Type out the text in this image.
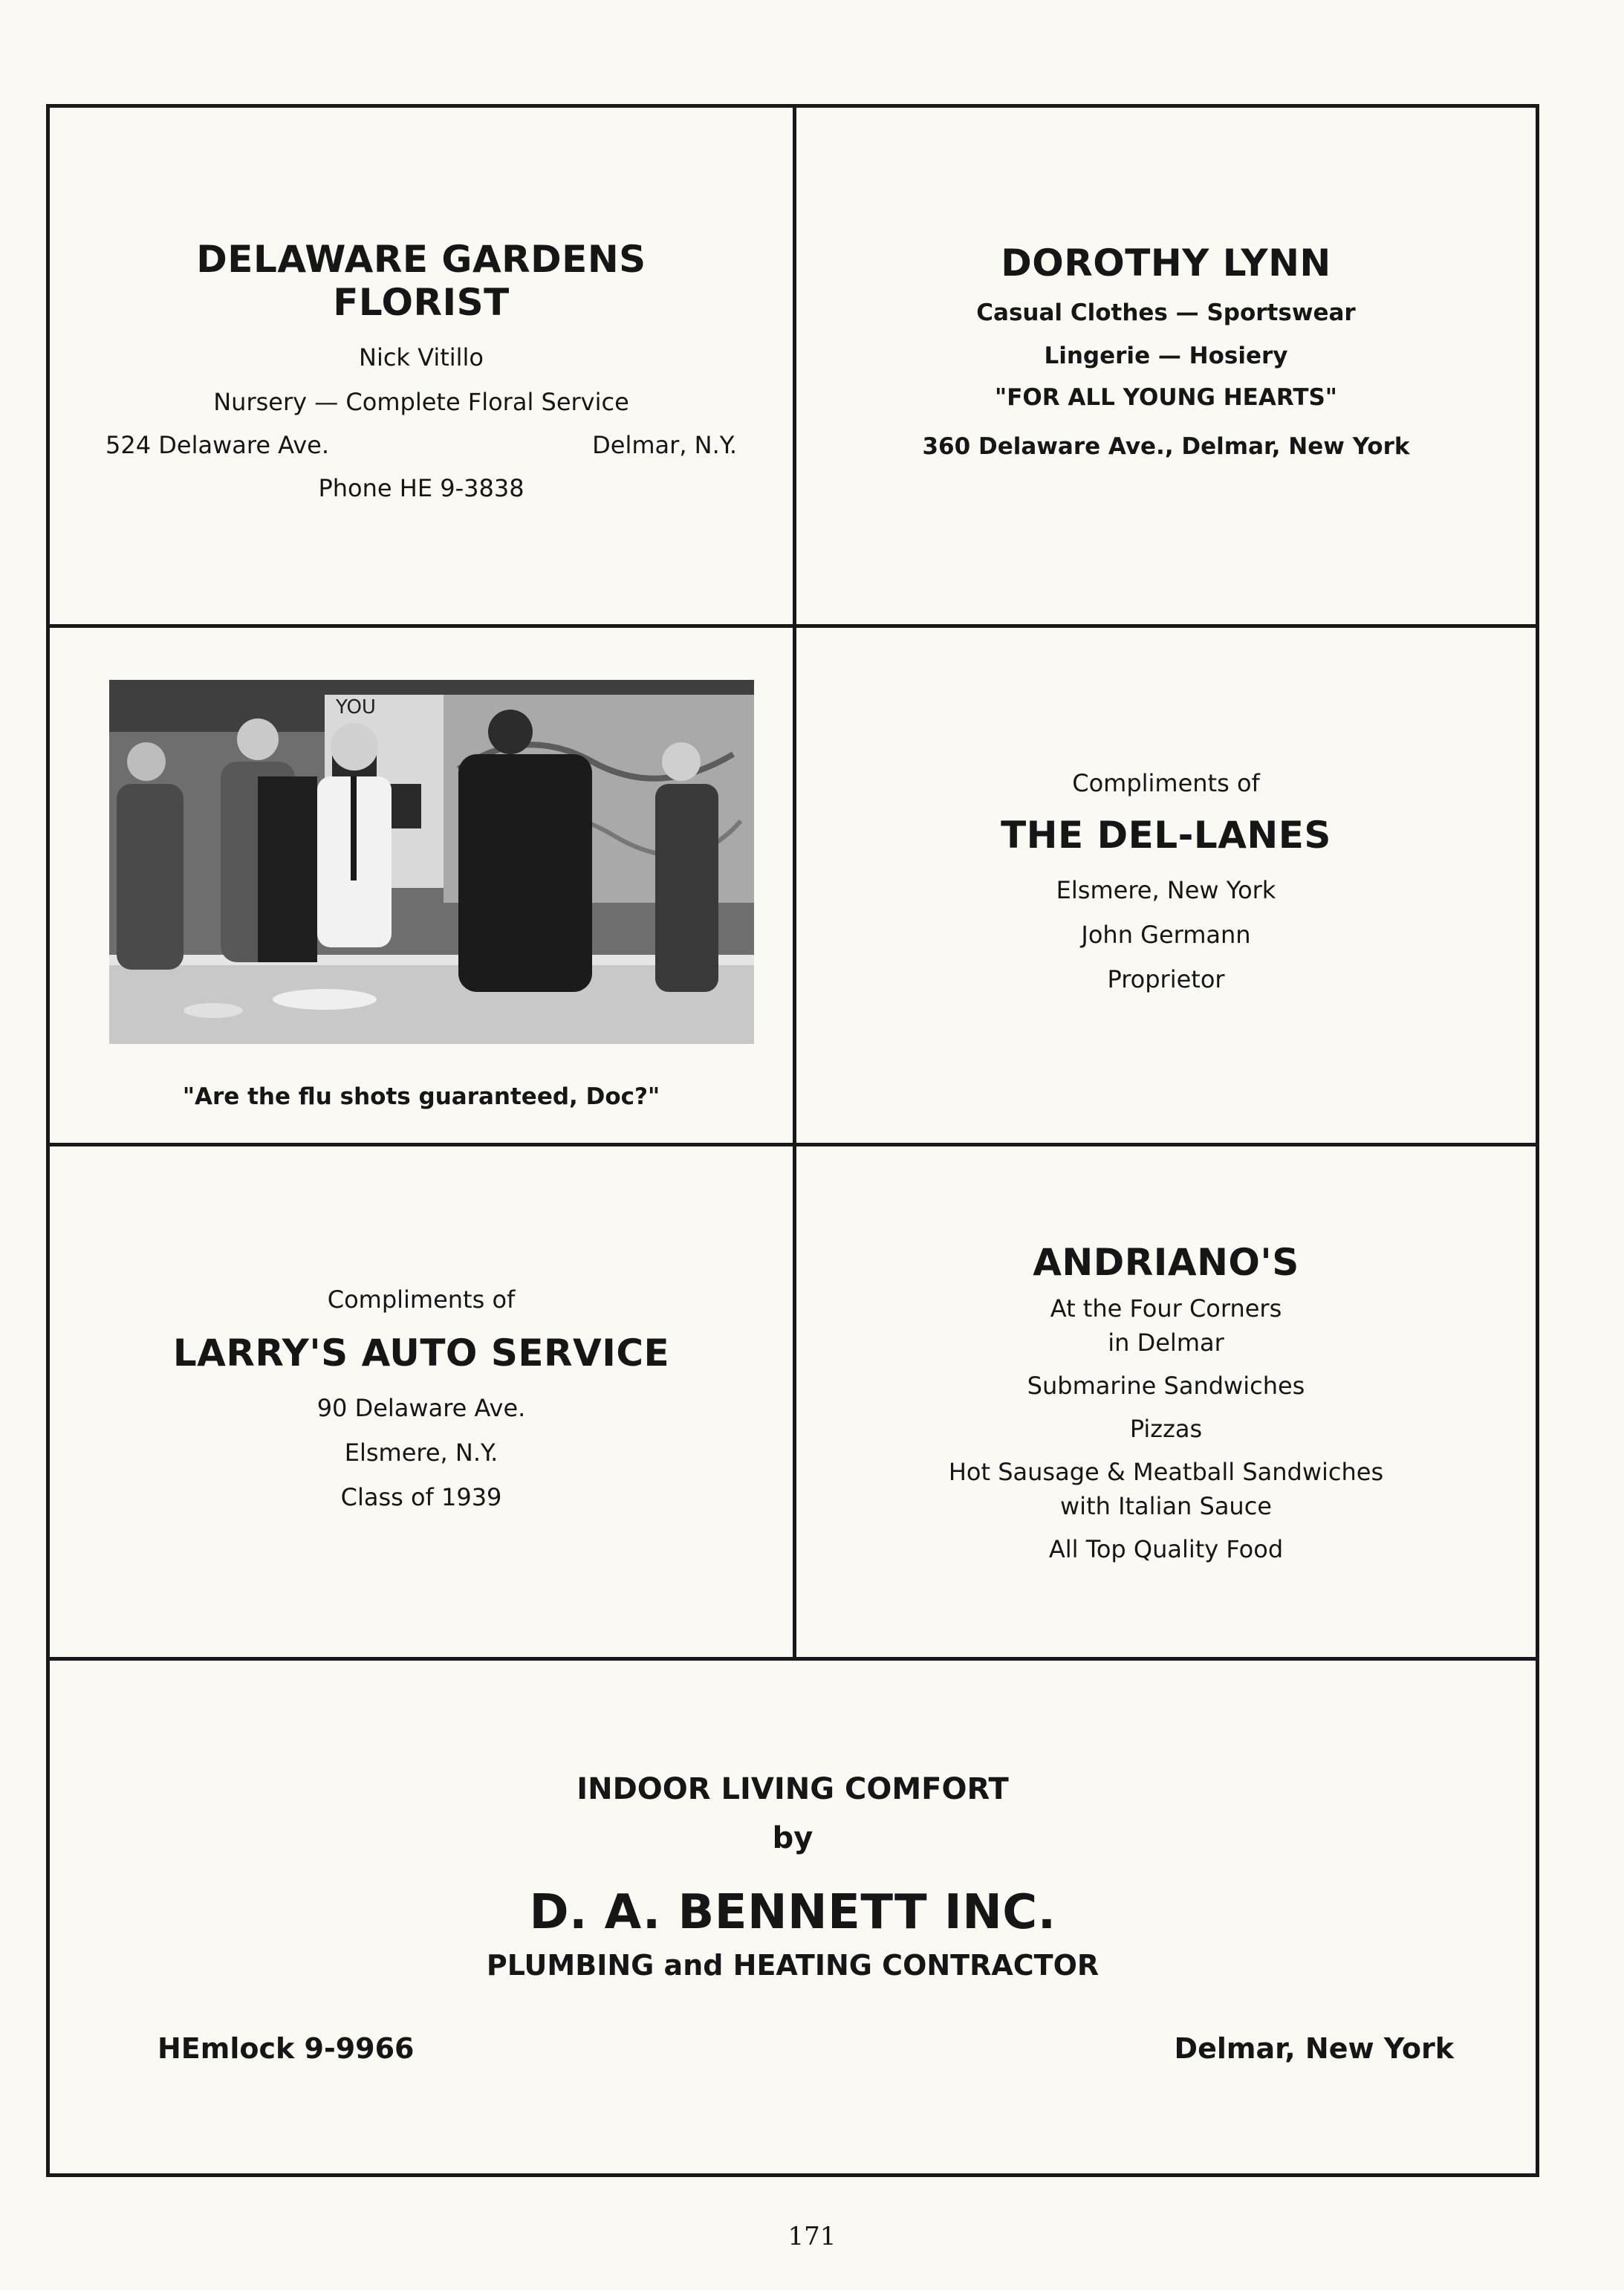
DELAWARE GARDENS FLORIST
Nick Vitillo
Nursery — Complete Floral Service
524 Delaware Ave.	Delmar, N.Y.
Phone HE 9-3838
DOROTHY LYNN
Casual Clothes — Sportswear
Lingerie — Hosiery
"FOR ALL YOUNG HEARTS"
360 Delaware Ave., Delmar, New York
YOU
"Are the flu shots guaranteed, Doc?"
Compliments of
THE DEL-LANES
Elsmere, New York
John Germann
Proprietor
Compliments of
LARRY'S AUTO SERVICE
90 Delaware Ave.
Elsmere, N.Y.
Class of 1939
ANDRIANO'S
At the Four Corners
in Delmar
Submarine Sandwiches
Pizzas
Hot Sausage & Meatball Sandwiches
with Italian Sauce
All Top Quality Food
INDOOR LIVING COMFORT
by
D. A. BENNETT INC.
PLUMBING and HEATING CONTRACTOR
HEmlock 9-9966	Delmar, New York
171
